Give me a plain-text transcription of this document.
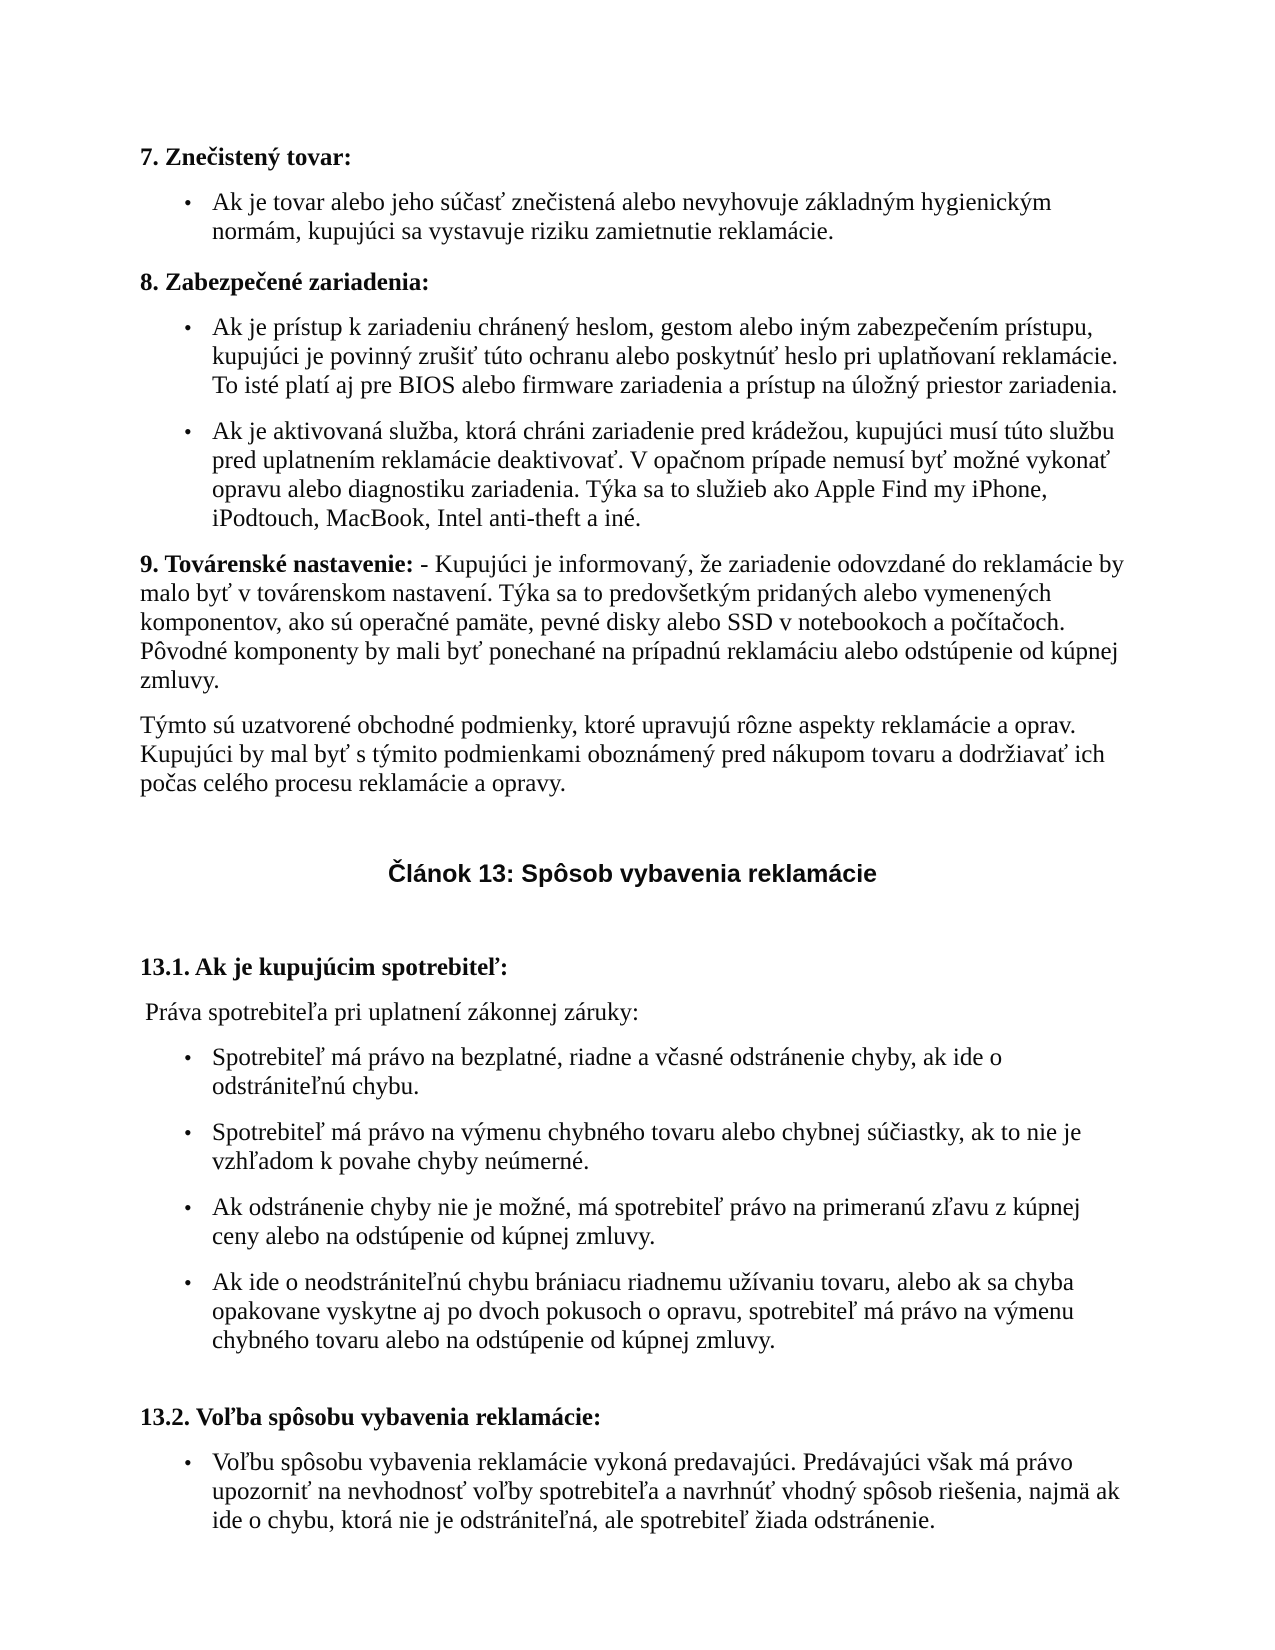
7. Znečistený tovar:
• Ak je tovar alebo jeho súčasť znečistená alebo nevyhovuje základným hygienickým normám, kupujúci sa vystavuje riziku zamietnutie reklamácie.
8. Zabezpečené zariadenia:
• Ak je prístup k zariadeniu chránený heslom, gestom alebo iným zabezpečením prístupu, kupujúci je povinný zrušiť túto ochranu alebo poskytnúť heslo pri uplatňovaní reklamácie. To isté platí aj pre BIOS alebo firmware zariadenia a prístup na úložný priestor zariadenia.
• Ak je aktivovaná služba, ktorá chráni zariadenie pred krádežou, kupujúci musí túto službu pred uplatnením reklamácie deaktivovať. V opačnom prípade nemusí byť možné vykonať opravu alebo diagnostiku zariadenia. Týka sa to služieb ako Apple Find my iPhone, iPodtouch, MacBook, Intel anti-theft a iné.

9. Továrenské nastavenie: - Kupujúci je informovaný, že zariadenie odovzdané do reklamácie by malo byť v továrenskom nastavení. Týka sa to predovšetkým pridaných alebo vymenených komponentov, ako sú operačné pamäte, pevné disky alebo SSD v notebookoch a počítačoch. Pôvodné komponenty by mali byť ponechané na prípadnú reklamáciu alebo odstúpenie od kúpnej zmluvy.

Týmto sú uzatvorené obchodné podmienky, ktoré upravujú rôzne aspekty reklamácie a oprav. Kupujúci by mal byť s týmito podmienkami oboznámený pred nákupom tovaru a dodržiavať ich počas celého procesu reklamácie a opravy.

Článok 13: Spôsob vybavenia reklamácie
13.1. Ak je kupujúcim spotrebiteľ:

Práva spotrebiteľa pri uplatnení zákonnej záruky:

• Spotrebiteľ má právo na bezplatné, riadne a včasné odstránenie chyby, ak ide o odstrániteľnú chybu.
• Spotrebiteľ má právo na výmenu chybného tovaru alebo chybnej súčiastky, ak to nie je vzhľadom k povahe chyby neúmerné.
• Ak odstránenie chyby nie je možné, má spotrebiteľ právo na primeranú zľavu z kúpnej ceny alebo na odstúpenie od kúpnej zmluvy.
• Ak ide o neodstrániteľnú chybu brániacu riadnemu užívaniu tovaru, alebo ak sa chyba opakovane vyskytne aj po dvoch pokusoch o opravu, spotrebiteľ má právo na výmenu chybného tovaru alebo na odstúpenie od kúpnej zmluvy.
13.2. Voľba spôsobu vybavenia reklamácie:
• Voľbu spôsobu vybavenia reklamácie vykoná predavajúci. Predávajúci však má právo upozorniť na nevhodnosť voľby spotrebiteľa a navrhnúť vhodný spôsob riešenia, najmä ak ide o chybu, ktorá nie je odstrániteľná, ale spotrebiteľ žiada odstránenie.
